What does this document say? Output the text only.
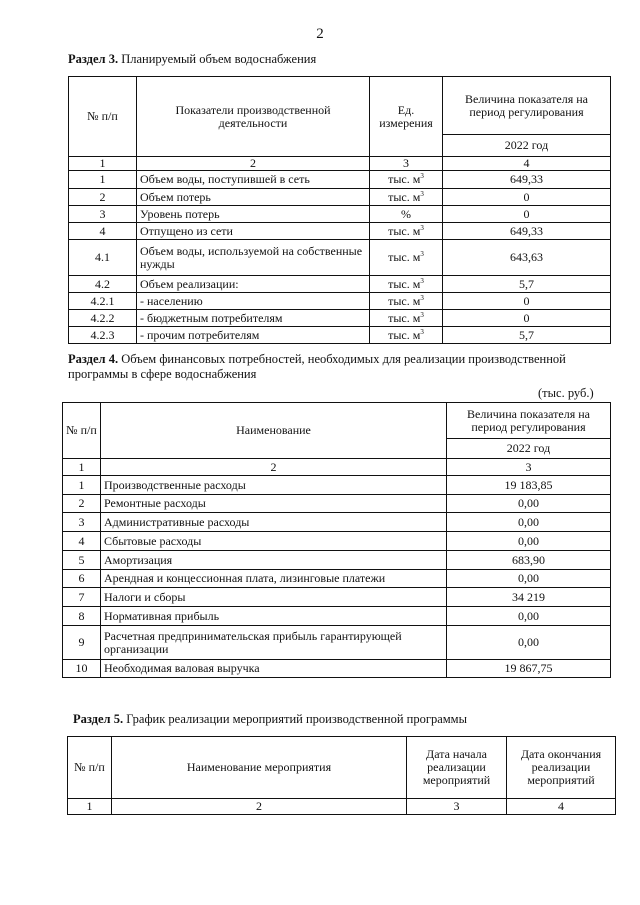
2
Раздел 3. Планируемый объем водоснабжения
№ п/п	Показатели производственной деятельности	Ед. измерения	Величина показателя на период регулирования
			2022 год
1	2	3	4
1	Объем воды, поступившей в сеть	тыс. $м^3$	649,33
2	Объем потерь	тыс. $м^3$	0
3	Уровень потерь	%	0
4	Отпущено из сети	тыс. $м^3$	649,33
4.1	Объем воды, используемой на собственные нужды	тыс. $м^3$	643,63
4.2	Объем реализации:	тыс. $м^3$	5,7
4.2.1	- населению	тыс. $м^3$	0
4.2.2	- бюджетным потребителям	тыс. $м^3$	0
4.2.3	- прочим потребителям	тыс. $м^3$	5,7
Раздел 4. Объем финансовых потребностей, необходимых для реализации производственной программы в сфере водоснабжения
(тыс. руб.)
№ п/п	Наименование	Величина показателя на период регулирования
		2022 год
1	2	3
1	Производственные расходы	19 183,85
2	Ремонтные расходы	0,00
3	Административные расходы	0,00
4	Сбытовые расходы	0,00
5	Амортизация	683,90
6	Арендная и концессионная плата, лизинговые платежи	0,00
7	Налоги и сборы	34 219
8	Нормативная прибыль	0,00
9	Расчетная предпринимательская прибыль гарантирующей организации	0,00
10	Необходимая валовая выручка	19 867,75
Раздел 5. График реализации мероприятий производственной программы
№ п/п	Наименование мероприятия	Дата начала реализации мероприятий	Дата окончания реализации мероприятий
1	2	3	4
